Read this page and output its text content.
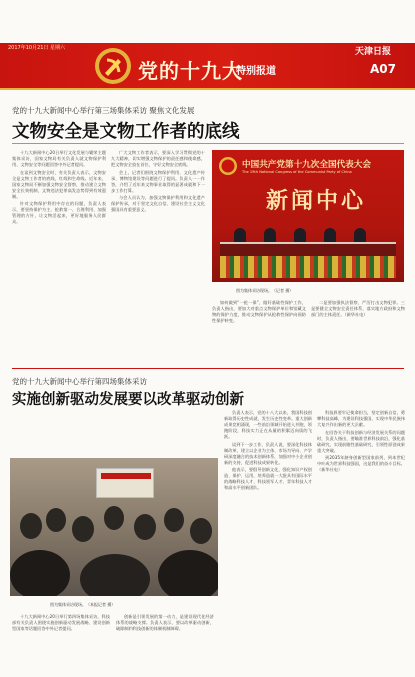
2017年10月21日 星期六
党的十九大
特别报道
天津日报
A07
党的十九大新闻中心举行第三场集体采访 聚焦文化发展
文物安全是文物工作者的底线

十九大新闻中心20日举行文化发展与繁荣主题集体采访，国家文物局有关负责人就文物保护利用、文物安全等问题回答中外记者提问。

在谈到文物安全时，有关负责人表示，文物安全是文物工作者的底线、红线和生命线。近年来，国家文物局不断加强文物安全督察，推动建立文物安全长效机制，文物违法犯罪高发态势得到有效遏制。

针对文物保护利用中存在的问题，负责人表示，要坚持保护为主、抢救第一、合理利用、加强管理的方针，让文物活起来，更好地服务人民群众。

广大文物工作者表示，要深入学习贯彻党的十九大精神，切实增强文物保护的责任感和使命感，把文物安全放在首位，守好文物安全底线。

会上，记者们围绕文物保护利用、文化遗产传承、博物馆建设等问题进行了提问。负责人一一作答，介绍了近年来文物事业取得的显著成就和下一步工作打算。

与会人员认为，加强文物保护利用和文化遗产保护传承，对于坚定文化自信、建设社会主义文化强国具有重要意义。

中国共产党第十九次全国代表大会
The 19th National Congress of the Communist Party of China
新闻中心
图为集体采访现场。（记者 摄）

如何做到“一抢一保”，做好基础性保护工作，负责人指出，要加大对重点文物保护单位和馆藏文物的保护力度，推动文物保护从抢救性保护向预防性保护转变。

二是要加强执法督察，严厉打击文物犯罪。三是要健全文物安全责任体系，落实地方政府和文物部门的主体责任。（新华社电）

党的十九大新闻中心举行第四场集体采访
实施创新驱动发展要以改革驱动创新
图为集体采访现场。（本报记者 摄）

十九大新闻中心20日举行第四场集体采访，科技部有关负责人围绕实施创新驱动发展战略、建设创新型国家等话题回答中外记者提问。

创新是引领发展的第一动力，是建设现代化经济体系的战略支撑。负责人表示，要以改革驱动创新，破除制约科技创新的体制机制障碍。

负责人表示，党的十八大以来，我国科技创新取得历史性成就，发生历史性变革。重大创新成果竞相涌现，一些前沿领域开始进入并跑、领跑阶段，科技实力正在从量的积累迈向质的飞跃。

谈到下一步工作，负责人说，要深化科技体制改革，建立以企业为主体、市场为导向、产学研深度融合的技术创新体系，加强对中小企业创新的支持，促进科技成果转化。

他表示，要倡导创新文化，强化知识产权创造、保护、运用，培养造就一大批具有国际水平的战略科技人才、科技领军人才、青年科技人才和高水平创新团队。

科技界要牢记使命担当，坚定创新自信，勇攀科技高峰，为建设科技强国、实现中华民族伟大复兴作出新的更大贡献。

在回答关于科技创新与经济发展关系的问题时，负责人指出，要瞄准世界科技前沿，强化基础研究，实现前瞻性基础研究、引领性原创成果重大突破。

到2035年跻身创新型国家前列，到本世纪中叶成为世界科技强国，这是我们的奋斗目标。（新华社电）
